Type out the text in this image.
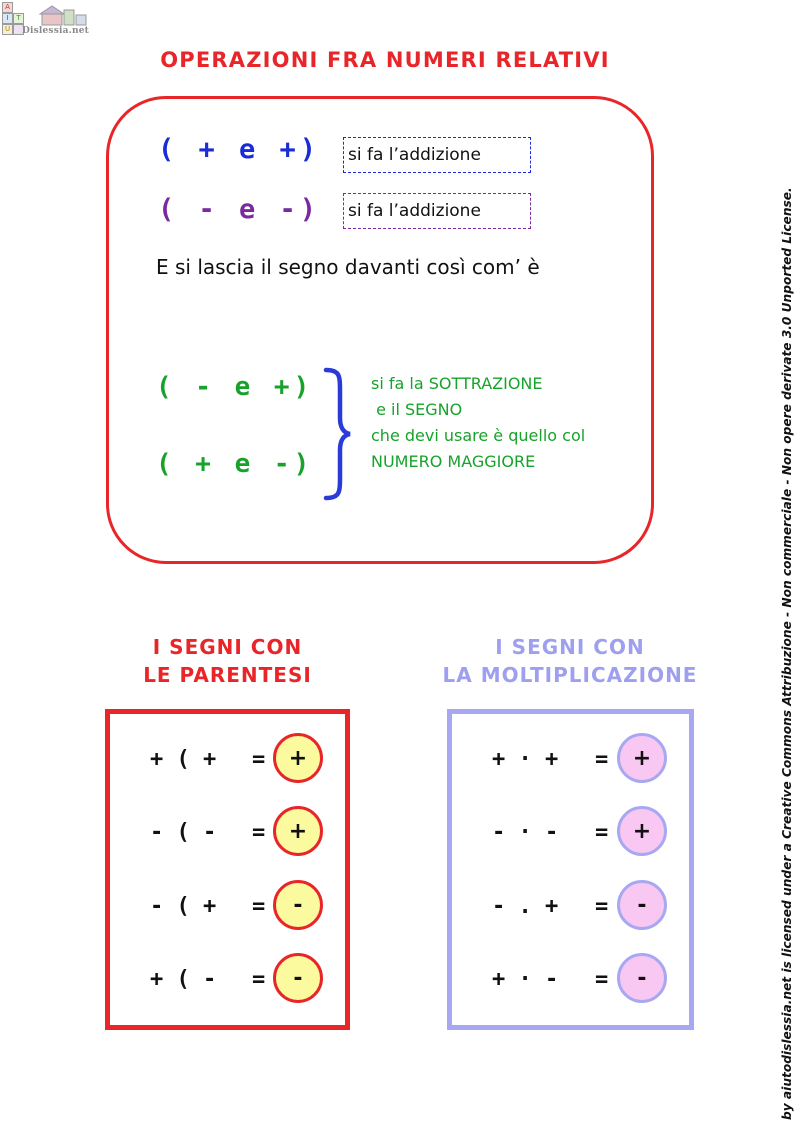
A
I	T
U	Dislessia.net
OPERAZIONI FRA NUMERI RELATIVI
( + e +) si fa l’addizione
( - e -) si fa l’addizione
E si lascia il segno davanti così com’ è
( - e +)
( + e -)
si fa la SOTTRAZIONE
e il SEGNO
che devi usare è quello col
NUMERO MAGGIORE
I SEGNI CON
LE PARENTESI
I SEGNI CON
LA MOLTIPLICAZIONE
+ ( + =	+
- ( - =	+
- ( + =	-
+ ( - =	-
+ · + =	+
- · - =	+
- . + =	-
+ · - =	-	by aiutodislessia.net is licensed under a Creative Commons Attribuzione - Non commerciale - Non opere derivate 3.0 Unported License.
